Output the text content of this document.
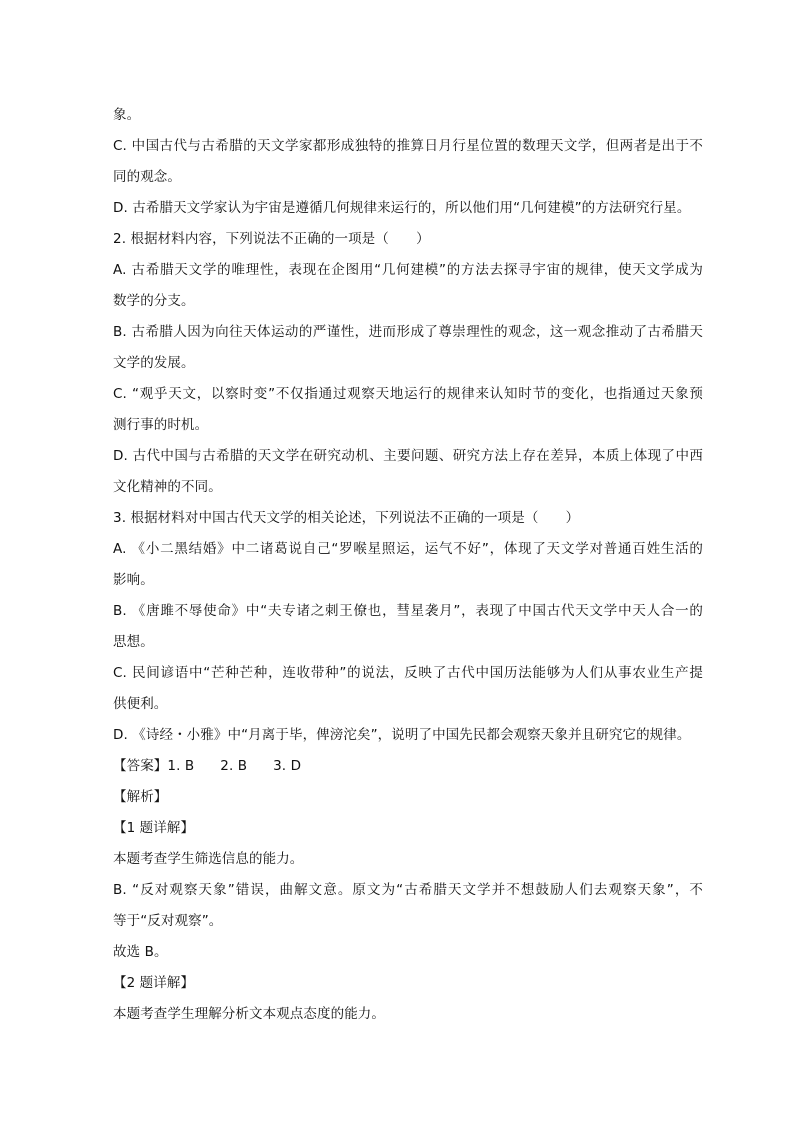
象。
C. 中国古代与古希腊的天文学家都形成独特的推算日月行星位置的数理天文学，但两者是出于不
同的观念。
D. 古希腊天文学家认为宇宙是遵循几何规律来运行的，所以他们用“几何建模”的方法研究行星。
2. 根据材料内容，下列说法不正确的一项是（　　）
A. 古希腊天文学的唯理性，表现在企图用“几何建模”的方法去探寻宇宙的规律，使天文学成为
数学的分支。
B. 古希腊人因为向往天体运动的严谨性，进而形成了尊崇理性的观念，这一观念推动了古希腊天
文学的发展。
C. “观乎天文，以察时变”不仅指通过观察天地运行的规律来认知时节的变化，也指通过天象预
测行事的时机。
D. 古代中国与古希腊的天文学在研究动机、主要问题、研究方法上存在差异，本质上体现了中西
文化精神的不同。
3. 根据材料对中国古代天文学的相关论述，下列说法不正确的一项是（　　）
A. 《小二黑结婚》中二诸葛说自己“罗喉星照运，运气不好”，体现了天文学对普通百姓生活的
影响。
B. 《唐雎不辱使命》中“夫专诸之刺王僚也，彗星袭月”，表现了中国古代天文学中天人合一的
思想。
C. 民间谚语中“芒种芒种，连收带种”的说法，反映了古代中国历法能够为人们从事农业生产提
供便利。
D. 《诗经・小雅》中“月离于毕，俾滂沱矣”，说明了中国先民都会观察天象并且研究它的规律。
【答案】1. B 2. B 3. D
【解析】
【1 题详解】
本题考查学生筛选信息的能力。
B. “反对观察天象”错误，曲解文意。原文为“古希腊天文学并不想鼓励人们去观察天象”，不
等于“反对观察”。
故选 B。
【2 题详解】
本题考查学生理解分析文本观点态度的能力。
